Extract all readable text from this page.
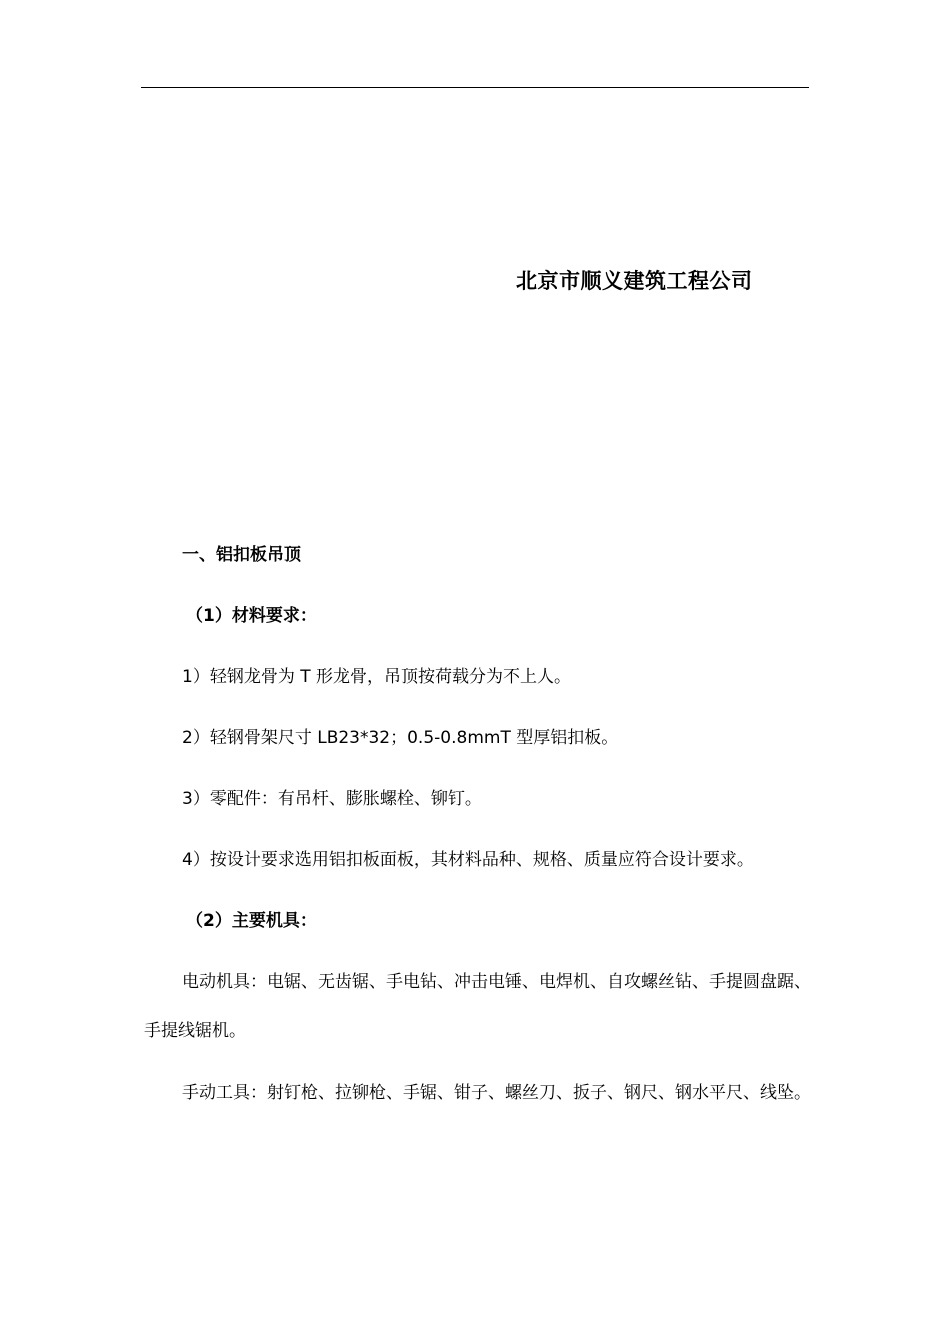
北京市顺义建筑工程公司

一、铝扣板吊顶

（1）材料要求：

1）轻钢龙骨为 T 形龙骨，吊顶按荷载分为不上人。

2）轻钢骨架尺寸 LB23*32；0.5-0.8mmT 型厚铝扣板。

3）零配件：有吊杆、膨胀螺栓、铆钉。

4）按设计要求选用铝扣板面板，其材料品种、规格、质量应符合设计要求。

（2）主要机具：

电动机具：电锯、无齿锯、手电钻、冲击电锤、电焊机、自攻螺丝钻、手提圆盘踞、手提线锯机。

手动工具：射钉枪、拉铆枪、手锯、钳子、螺丝刀、扳子、钢尺、钢水平尺、线坠。
